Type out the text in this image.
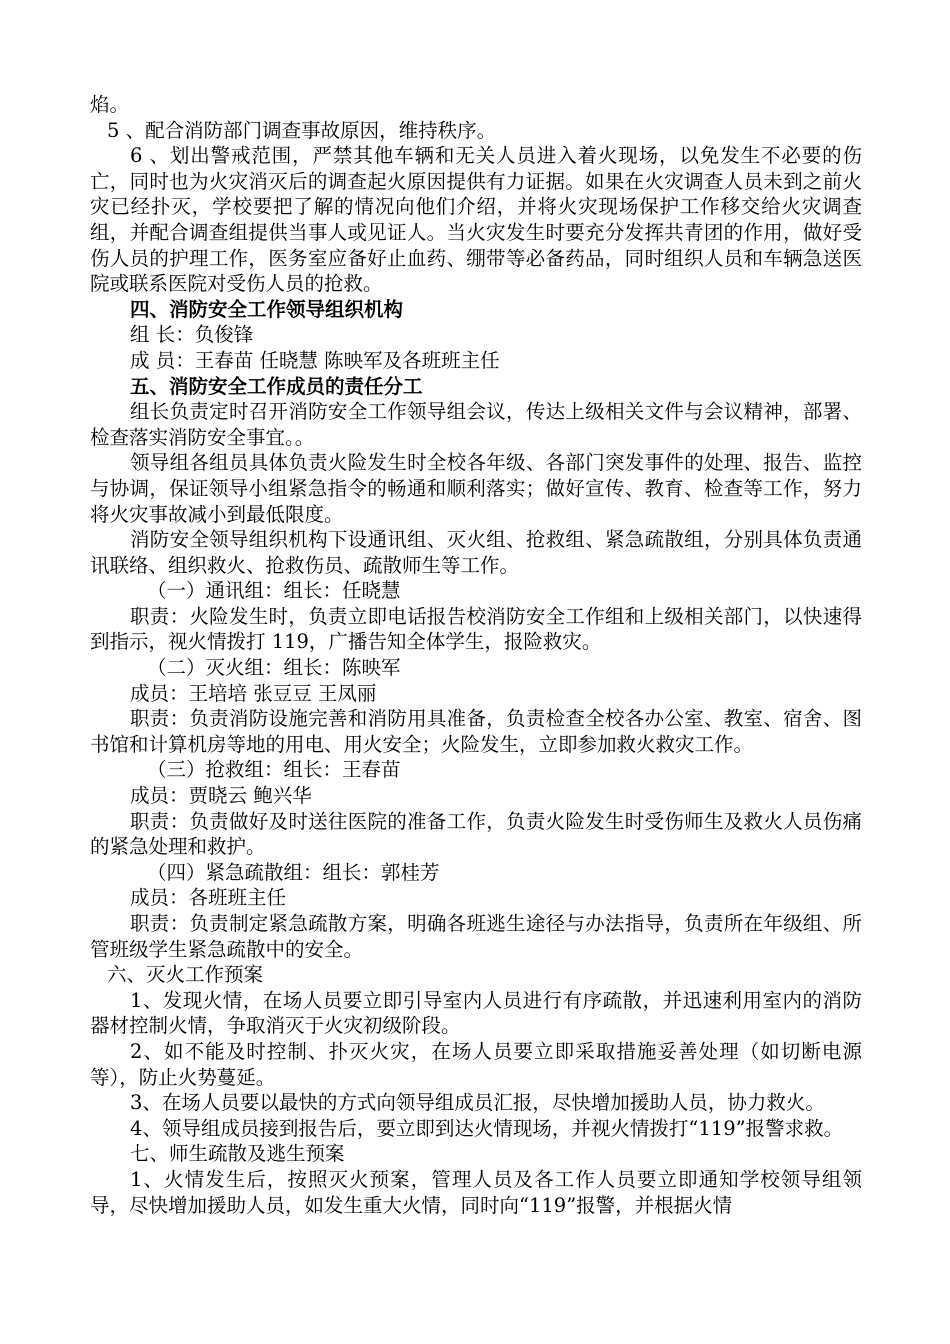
焰。

5 、配合消防部门调查事故原因，维持秩序。

6 、划出警戒范围，严禁其他车辆和无关人员进入着火现场，以免发生不必要的伤亡，同时也为火灾消灭后的调查起火原因提供有力证据。如果在火灾调查人员未到之前火灾已经扑灭，学校要把了解的情况向他们介绍，并将火灾现场保护工作移交给火灾调查组，并配合调查组提供当事人或见证人。当火灾发生时要充分发挥共青团的作用，做好受伤人员的护理工作，医务室应备好止血药、绷带等必备药品，同时组织人员和车辆急送医院或联系医院对受伤人员的抢救。

四、消防安全工作领导组织机构

组 长：负俊锋

成 员：王春苗 任晓慧 陈映军及各班班主任

五、消防安全工作成员的责任分工

组长负责定时召开消防安全工作领导组会议，传达上级相关文件与会议精神，部署、检查落实消防安全事宜。。

领导组各组员具体负责火险发生时全校各年级、各部门突发事件的处理、报告、监控与协调，保证领导小组紧急指令的畅通和顺利落实；做好宣传、教育、检查等工作，努力将火灾事故减小到最低限度。

消防安全领导组织机构下设通讯组、灭火组、抢救组、紧急疏散组，分别具体负责通讯联络、组织救火、抢救伤员、疏散师生等工作。

（一）通讯组：组长：任晓慧

职责：火险发生时，负责立即电话报告校消防安全工作组和上级相关部门，以快速得到指示，视火情拨打 119，广播告知全体学生，报险救灾。

（二）灭火组：组长：陈映军

成员：王培培 张豆豆 王凤丽

职责：负责消防设施完善和消防用具准备，负责检查全校各办公室、教室、宿舍、图书馆和计算机房等地的用电、用火安全；火险发生，立即参加救火救灾工作。

（三）抢救组：组长：王春苗

成员：贾晓云 鲍兴华

职责：负责做好及时送往医院的准备工作，负责火险发生时受伤师生及救火人员伤痛的紧急处理和救护。

（四）紧急疏散组：组长：郭桂芳

成员：各班班主任

职责：负责制定紧急疏散方案，明确各班逃生途径与办法指导，负责所在年级组、所管班级学生紧急疏散中的安全。

六、灭火工作预案

1、发现火情，在场人员要立即引导室内人员进行有序疏散，并迅速利用室内的消防器材控制火情，争取消灭于火灾初级阶段。

2、如不能及时控制、扑灭火灾，在场人员要立即采取措施妥善处理（如切断电源等），防止火势蔓延。

3、在场人员要以最快的方式向领导组成员汇报，尽快增加援助人员，协力救火。

4、领导组成员接到报告后，要立即到达火情现场，并视火情拨打“119”报警求救。

七、师生疏散及逃生预案

1、火情发生后，按照灭火预案，管理人员及各工作人员要立即通知学校领导组领导，尽快增加援助人员，如发生重大火情，同时向“119”报警，并根据火情
